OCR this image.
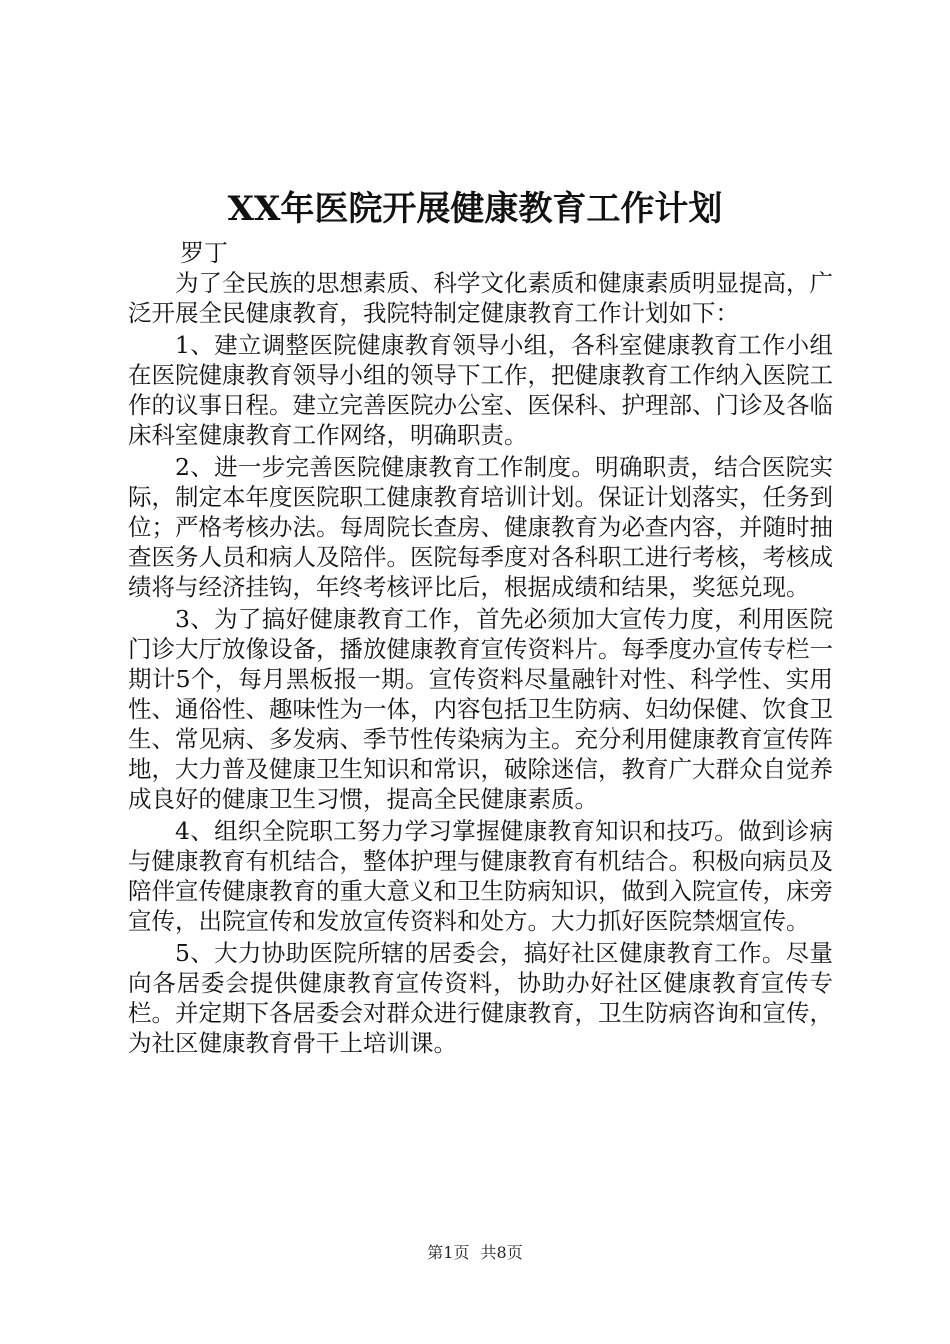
XX年医院开展健康教育工作计划

罗丁

为了全民族的思想素质、科学文化素质和健康素质明显提高，广泛开展全民健康教育，我院特制定健康教育工作计划如下：

1、建立调整医院健康教育领导小组，各科室健康教育工作小组在医院健康教育领导小组的领导下工作，把健康教育工作纳入医院工作的议事日程。建立完善医院办公室、医保科、护理部、门诊及各临床科室健康教育工作网络，明确职责。

2、进一步完善医院健康教育工作制度。明确职责，结合医院实际，制定本年度医院职工健康教育培训计划。保证计划落实，任务到位；严格考核办法。每周院长查房、健康教育为必查内容，并随时抽查医务人员和病人及陪伴。医院每季度对各科职工进行考核，考核成绩将与经济挂钩，年终考核评比后，根据成绩和结果，奖惩兑现。

3、为了搞好健康教育工作，首先必须加大宣传力度，利用医院门诊大厅放像设备，播放健康教育宣传资料片。每季度办宣传专栏一期计5个，每月黑板报一期。宣传资料尽量融针对性、科学性、实用性、通俗性、趣味性为一体，内容包括卫生防病、妇幼保健、饮食卫生、常见病、多发病、季节性传染病为主。充分利用健康教育宣传阵地，大力普及健康卫生知识和常识，破除迷信，教育广大群众自觉养成良好的健康卫生习惯，提高全民健康素质。

4、组织全院职工努力学习掌握健康教育知识和技巧。做到诊病与健康教育有机结合，整体护理与健康教育有机结合。积极向病员及陪伴宣传健康教育的重大意义和卫生防病知识，做到入院宣传，床旁宣传，出院宣传和发放宣传资料和处方。大力抓好医院禁烟宣传。

5、大力协助医院所辖的居委会，搞好社区健康教育工作。尽量向各居委会提供健康教育宣传资料，协助办好社区健康教育宣传专栏。并定期下各居委会对群众进行健康教育，卫生防病咨询和宣传，为社区健康教育骨干上培训课。

第1页 共8页
